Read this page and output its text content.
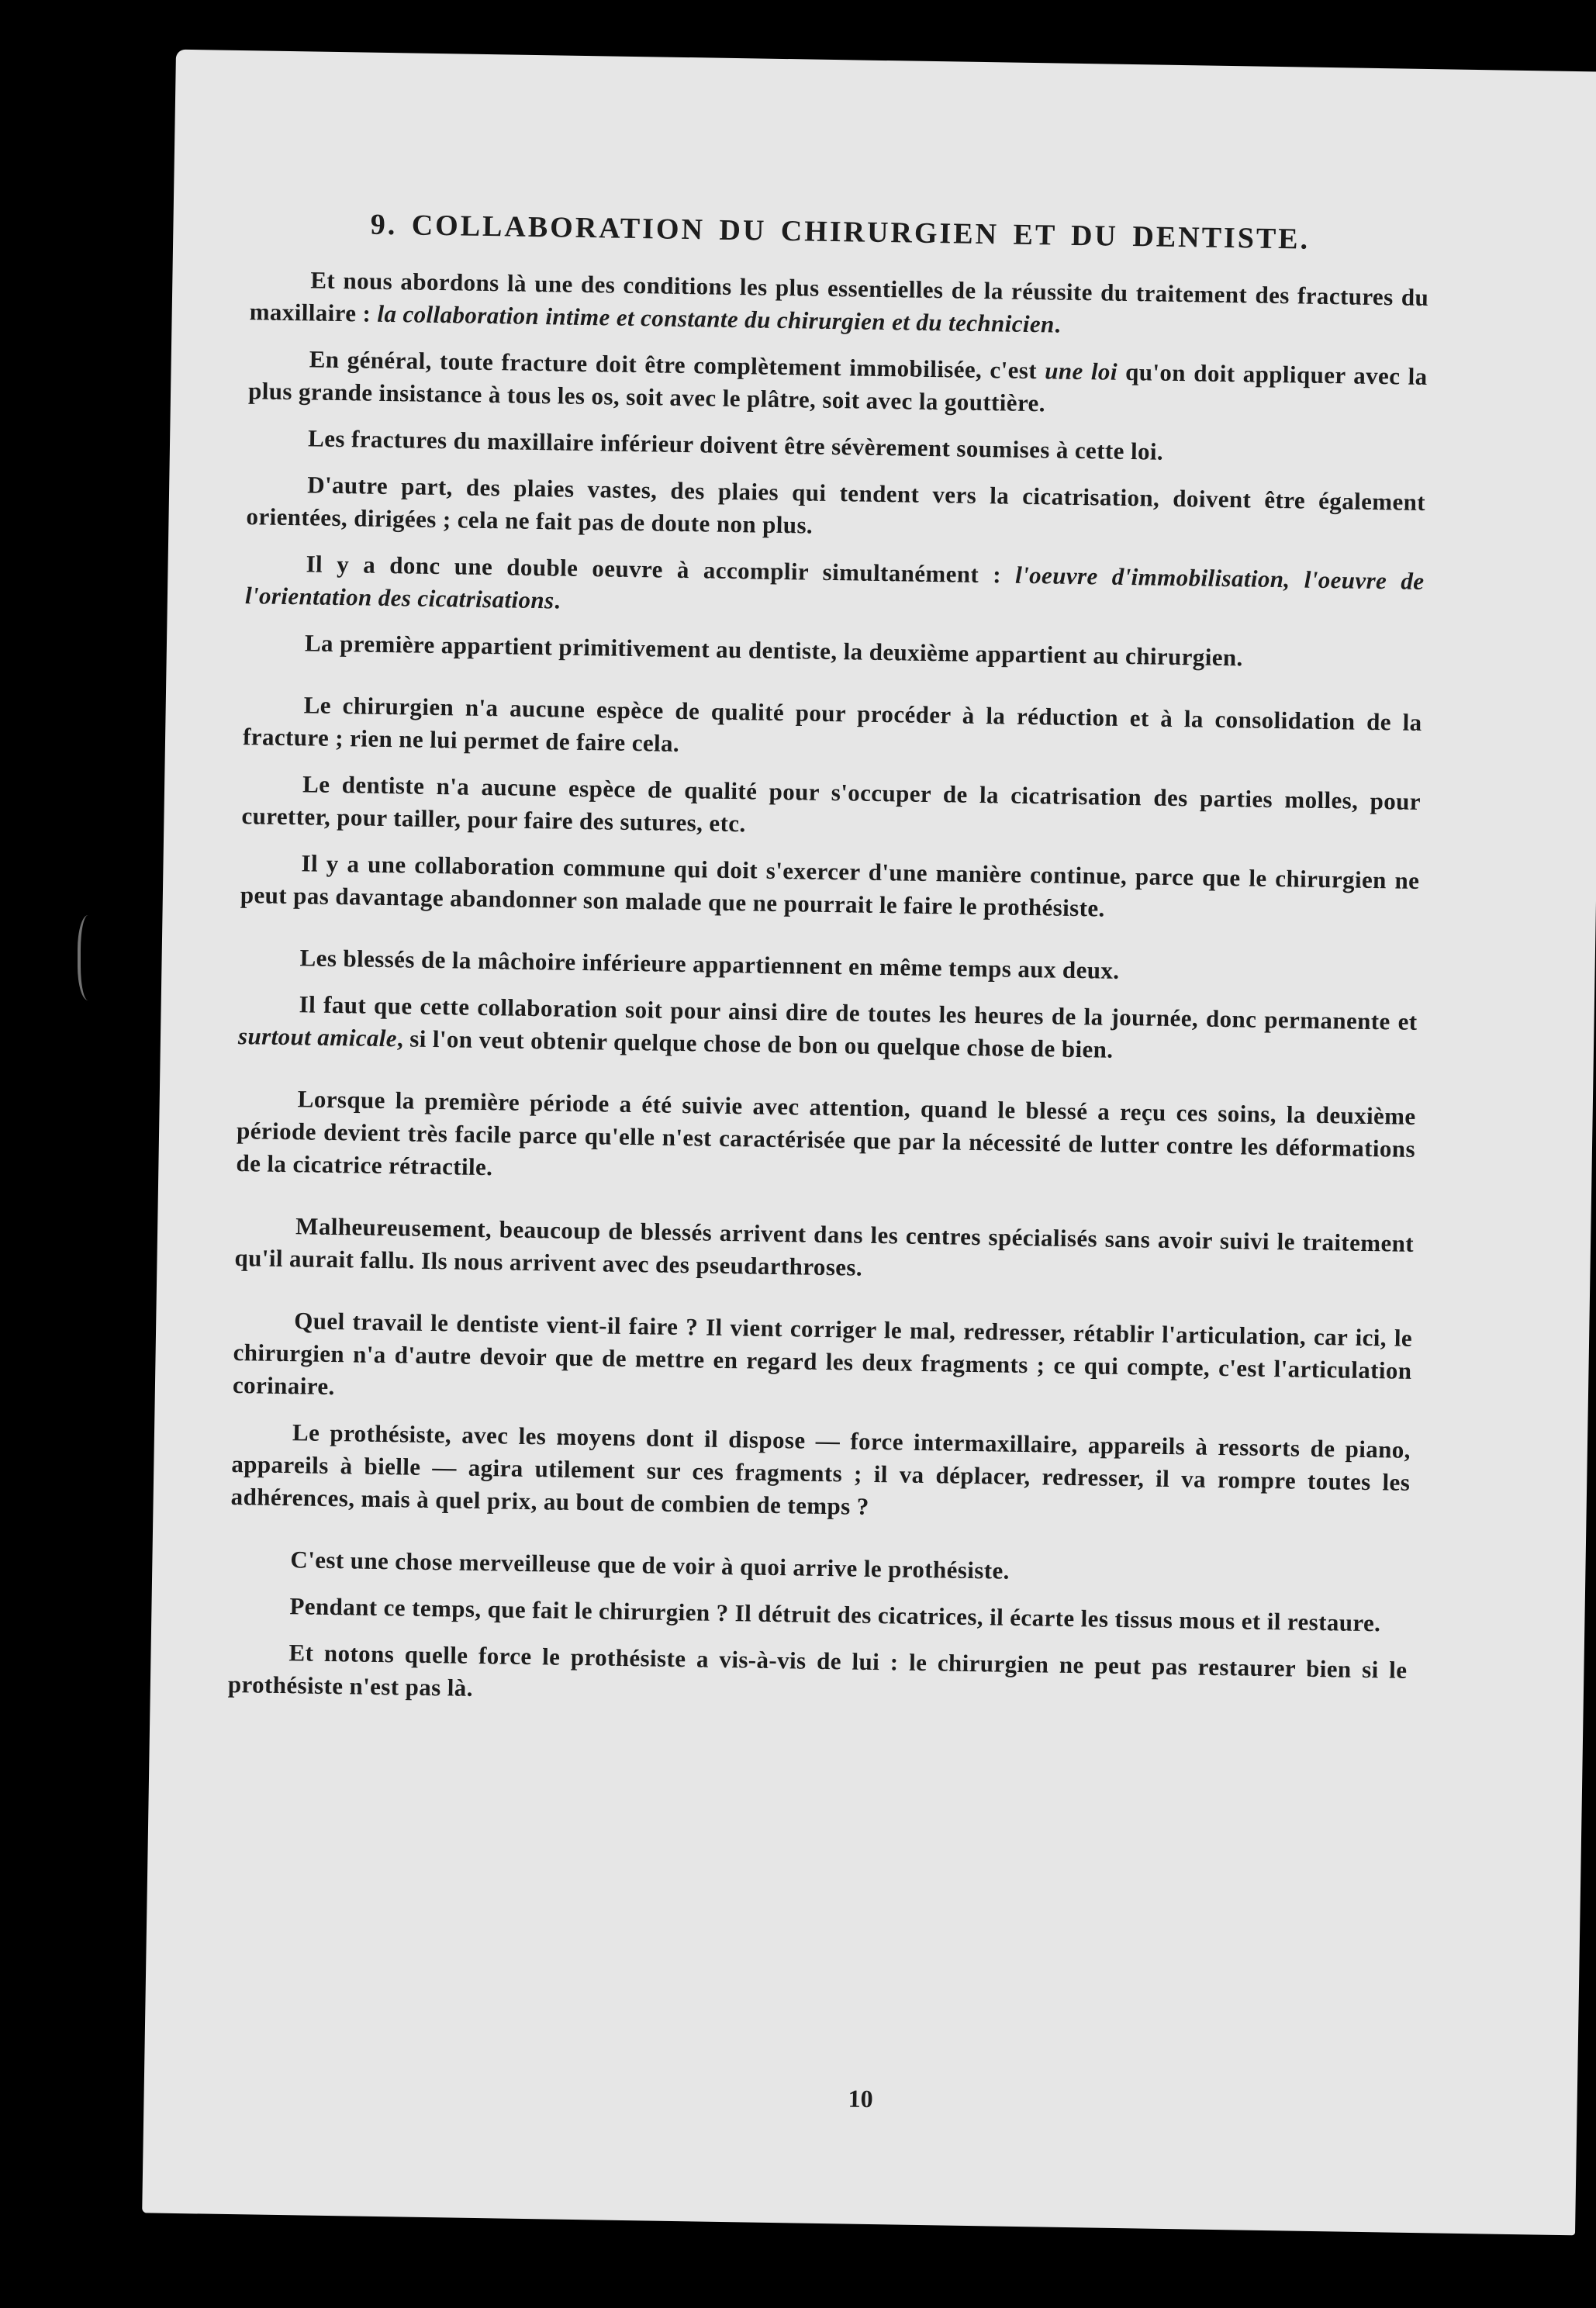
9. COLLABORATION DU CHIRURGIEN ET DU DENTISTE.

Et nous abordons là une des conditions les plus essentielles de la réussite du traitement des fractures du maxillaire : la collaboration intime et constante du chirurgien et du technicien.

En général, toute fracture doit être complètement immobilisée, c'est une loi qu'on doit appliquer avec la plus grande insistance à tous les os, soit avec le plâtre, soit avec la gouttière.

Les fractures du maxillaire inférieur doivent être sévèrement soumises à cette loi.

D'autre part, des plaies vastes, des plaies qui tendent vers la cicatrisation, doivent être également orientées, dirigées ; cela ne fait pas de doute non plus.

Il y a donc une double oeuvre à accomplir simultanément : l'oeuvre d'immobilisation, l'oeuvre de l'orientation des cicatrisations.

La première appartient primitivement au dentiste, la deuxième appartient au chirurgien.

Le chirurgien n'a aucune espèce de qualité pour procéder à la réduction et à la consolidation de la fracture ; rien ne lui permet de faire cela.

Le dentiste n'a aucune espèce de qualité pour s'occuper de la cicatrisation des parties molles, pour curetter, pour tailler, pour faire des sutures, etc.

Il y a une collaboration commune qui doit s'exercer d'une manière continue, parce que le chirurgien ne peut pas davantage abandonner son malade que ne pourrait le faire le prothésiste.

Les blessés de la mâchoire inférieure appartiennent en même temps aux deux.

Il faut que cette collaboration soit pour ainsi dire de toutes les heures de la journée, donc permanente et surtout amicale, si l'on veut obtenir quelque chose de bon ou quelque chose de bien.

Lorsque la première période a été suivie avec attention, quand le blessé a reçu ces soins, la deuxième période devient très facile parce qu'elle n'est caractérisée que par la nécessité de lutter contre les déformations de la cicatrice rétractile.

Malheureusement, beaucoup de blessés arrivent dans les centres spécialisés sans avoir suivi le traitement qu'il aurait fallu. Ils nous arrivent avec des pseudarthroses.

Quel travail le dentiste vient-il faire ? Il vient corriger le mal, redresser, rétablir l'articulation, car ici, le chirurgien n'a d'autre devoir que de mettre en regard les deux fragments ; ce qui compte, c'est l'articulation corinaire.

Le prothésiste, avec les moyens dont il dispose — force intermaxillaire, appareils à ressorts de piano, appareils à bielle — agira utilement sur ces fragments ; il va déplacer, redresser, il va rompre toutes les adhérences, mais à quel prix, au bout de combien de temps ?

C'est une chose merveilleuse que de voir à quoi arrive le prothésiste.

Pendant ce temps, que fait le chirurgien ? Il détruit des cicatrices, il écarte les tissus mous et il restaure.

Et notons quelle force le prothésiste a vis-à-vis de lui : le chirurgien ne peut pas restaurer bien si le prothésiste n'est pas là.

10
